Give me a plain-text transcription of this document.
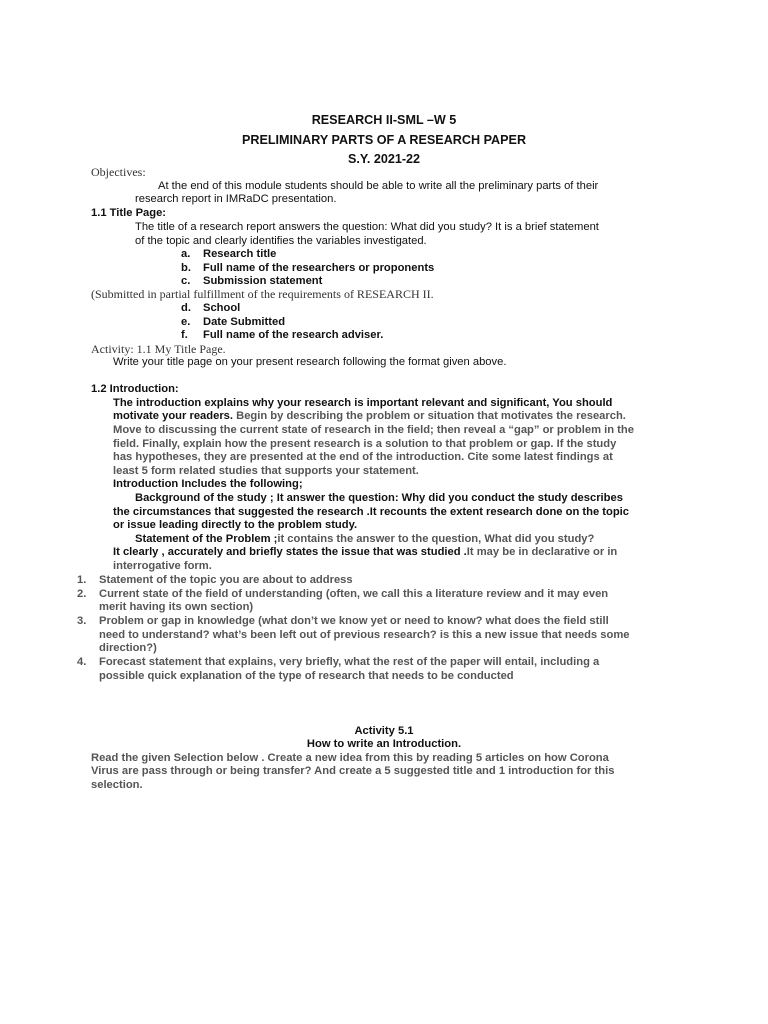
RESEARCH II-SML –W 5
PRELIMINARY PARTS OF A RESEARCH PAPER
S.Y. 2021-22
Objectives:
At the end of this module students should be able to write all the preliminary parts of their
research report in IMRaDC presentation.
1.1 Title Page:
The title of a research report answers the question: What did you study? It is a brief statement
of the topic and clearly identifies the variables investigated.
a. Research title
b. Full name of the researchers or proponents
c. Submission statement
(Submitted in partial fulfillment of the requirements of RESEARCH II.
d. School
e. Date Submitted
f. Full name of the research adviser.
Activity: 1.1 My Title Page.
Write your title page on your present research following the format given above.
1.2 Introduction:
The introduction explains why your research is important relevant and significant, You should
motivate your readers. Begin by describing the problem or situation that motivates the research.
Move to discussing the current state of research in the field; then reveal a “gap” or problem in the
field. Finally, explain how the present research is a solution to that problem or gap. If the study
has hypotheses, they are presented at the end of the introduction. Cite some latest findings at
least 5 form related studies that supports your statement.
Introduction Includes the following;
Background of the study ; It answer the question: Why did you conduct the study describes
the circumstances that suggested the research .It recounts the extent research done on the topic
or issue leading directly to the problem study.
Statement of the Problem ;it contains the answer to the question, What did you study?
It clearly , accurately and briefly states the issue that was studied .It may be in declarative or in
interrogative form.
1. Statement of the topic you are about to address
2. Current state of the field of understanding (often, we call this a literature review and it may even
merit having its own section)
3. Problem or gap in knowledge (what don’t we know yet or need to know? what does the field still
need to understand? what’s been left out of previous research? is this a new issue that needs some
direction?)
4. Forecast statement that explains, very briefly, what the rest of the paper will entail, including a
possible quick explanation of the type of research that needs to be conducted
Activity 5.1
How to write an Introduction.
Read the given Selection below . Create a new idea from this by reading 5 articles on how Corona
Virus are pass through or being transfer? And create a 5 suggested title and 1 introduction for this
selection.
